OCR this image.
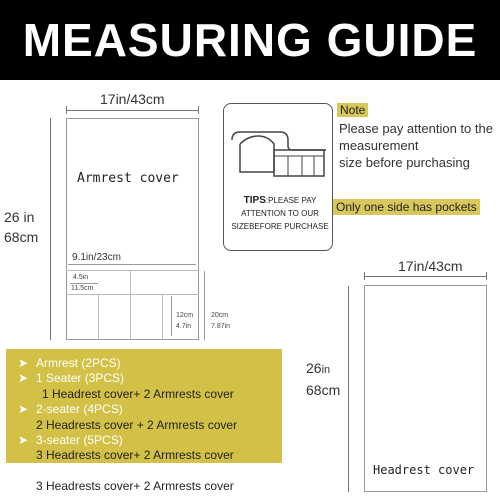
MEASURING GUIDE
17in/43cm
26 in
68cm
Armrest cover
9.1in/23cm
4.5in
11.5cm
12cm
4.7in
20cm
7.87in
TIPS:PLEASE PAY
ATTENTION TO OUR
SIZEBEFORE PURCHASE
Note
Please pay attention to the
measurement
size before purchasing
Only one side has pockets
17in/43cm
26in
68cm
Headrest cover
➤ Armrest (2PCS)
➤ 1 Seater (3PCS)
1 Headrest cover+ 2 Armrests cover
➤ 2-seater (4PCS)
2 Headrests cover + 2 Armrests cover
➤ 3-seater (5PCS)
3 Headrests cover+ 2 Armrests cover
➤ Chaise longue (5PCS)
3 Headrests cover+ 2 Armrests cover
